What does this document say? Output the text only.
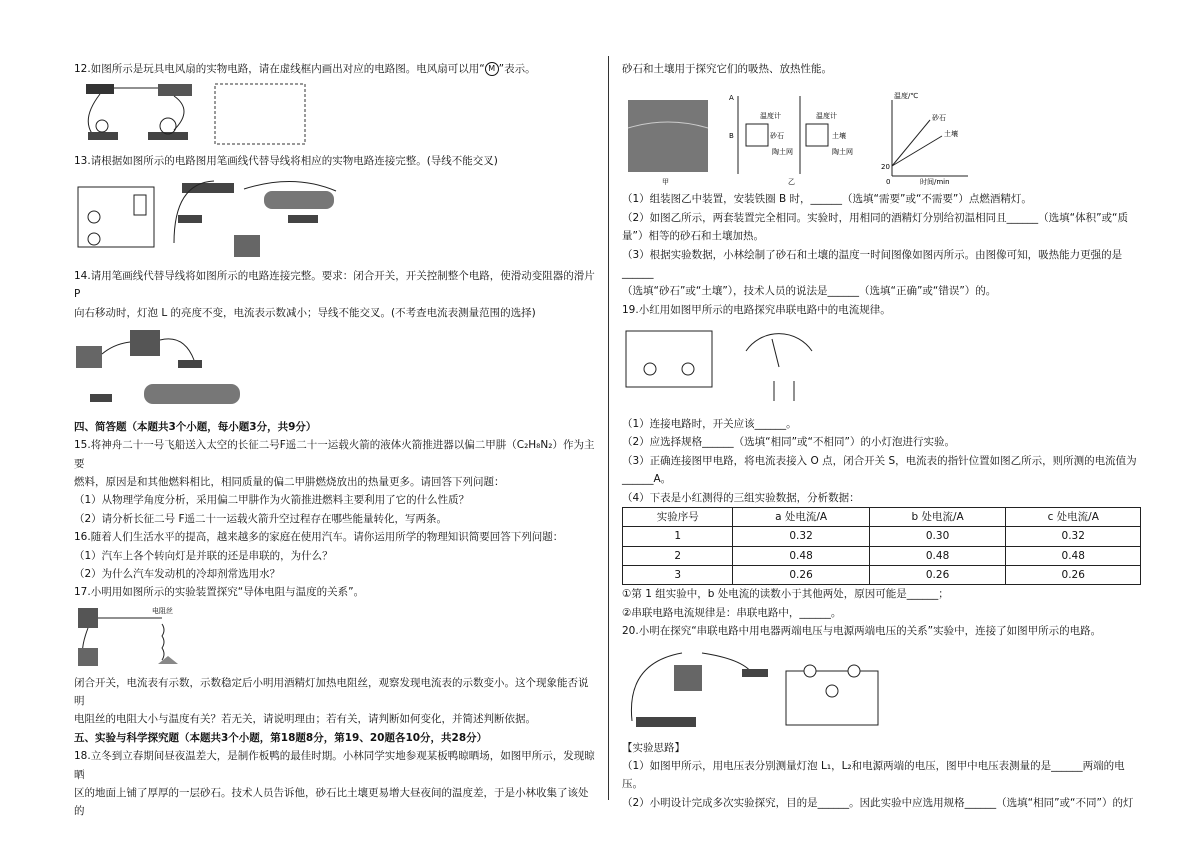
12.如图所示是玩具电风扇的实物电路，请在虚线框内画出对应的电路图。电风扇可以用“ M ”表示。

13.请根据如图所示的电路图用笔画线代替导线将相应的实物电路连接完整。(导线不能交叉)

14.请用笔画线代替导线将如图所示的电路连接完整。要求：闭合开关，开关控制整个电路，使滑动变阻器的滑片 P

向右移动时，灯泡 L 的亮度不变，电流表示数减小；导线不能交叉。(不考查电流表测量范围的选择)

四、简答题（本题共3个小题，每小题3分，共9分）

15.将神舟二十一号飞船送入太空的长征二号F遥二十一运载火箭的液体火箭推进器以偏二甲肼（C₂H₈N₂）作为主要

燃料，原因是和其他燃料相比，相同质量的偏二甲肼燃烧放出的热量更多。请回答下列问题：

（1）从物理学角度分析，采用偏二甲肼作为火箭推进燃料主要利用了它的什么性质？

（2）请分析长征二号 F遥二十一运载火箭升空过程存在哪些能量转化，写两条。

16.随着人们生活水平的提高，越来越多的家庭在使用汽车。请你运用所学的物理知识简要回答下列问题：

（1）汽车上各个转向灯是并联的还是串联的，为什么？

（2）为什么汽车发动机的冷却剂常选用水？

17.小明用如图所示的实验装置探究“导体电阻与温度的关系”。

电阻丝

闭合开关，电流表有示数，示数稳定后小明用酒精灯加热电阻丝，观察发现电流表的示数变小。这个现象能否说明

电阻丝的电阻大小与温度有关？若无关，请说明理由；若有关，请判断如何变化，并简述判断依据。

五、实验与科学探究题（本题共3个小题，第18题8分，第19、20题各10分，共28分）

18.立冬到立春期间昼夜温差大，是制作板鸭的最佳时期。小林同学实地参观某板鸭晾晒场，如图甲所示，发现晾晒

区的地面上铺了厚厚的一层砂石。技术人员告诉他，砂石比土壤更易增大昼夜间的温度差，于是小林收集了该处的

砂石和土壤用于探究它们的吸热、放热性能。

甲
A
B
温度计	温度计
砂石	土壤
陶土网	陶土网
乙
温度/℃
时间/min
20
0
砂石
土壤

（1）组装图乙中装置，安装铁圈 B 时，______（选填“需要”或“不需要”）点燃酒精灯。

（2）如图乙所示，两套装置完全相同。实验时，用相同的酒精灯分别给初温相同且______（选填“体积”或“质

量”）相等的砂石和土壤加热。

（3）根据实验数据，小林绘制了砂石和土壤的温度一时间图像如图丙所示。由图像可知，吸热能力更强的是______

（选填“砂石”或“土壤”），技术人员的说法是______（选填“正确”或“错误”）的。

19.小红用如图甲所示的电路探究串联电路中的电流规律。

（1）连接电路时，开关应该______。

（2）应选择规格______（选填“相同”或“不相同”）的小灯泡进行实验。

（3）正确连接图甲电路，将电流表接入 O 点，闭合开关 S，电流表的指针位置如图乙所示，则所测的电流值为

______A。

（4）下表是小红测得的三组实验数据，分析数据：

实验序号	a 处电流/A	b 处电流/A	c 处电流/A
1	0.32	0.30	0.32
2	0.48	0.48	0.48
3	0.26	0.26	0.26

①第 1 组实验中，b 处电流的读数小于其他两处，原因可能是______；

②串联电路电流规律是：串联电路中，______。

20.小明在探究“串联电路中用电器两端电压与电源两端电压的关系”实验中，连接了如图甲所示的电路。

【实验思路】

（1）如图甲所示，用电压表分别测量灯泡 L₁，L₂和电源两端的电压，图甲中电压表测量的是______两端的电压。

（2）小明设计完成多次实验探究，目的是______。因此实验中应选用规格______（选填“相同”或“不同”）的灯
